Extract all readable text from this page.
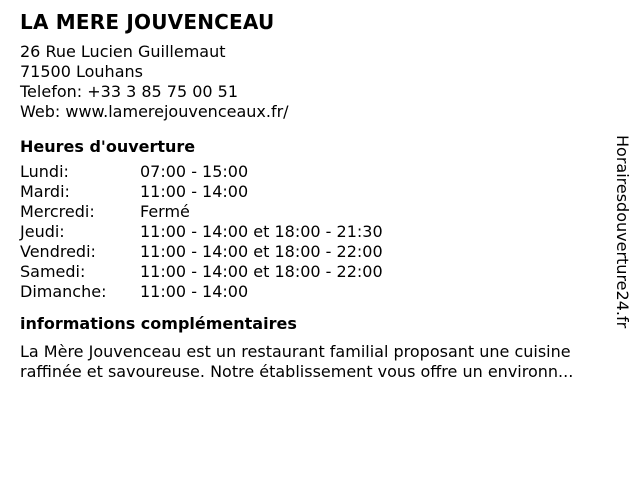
LA MERE JOUVENCEAU
26 Rue Lucien Guillemaut
71500 Louhans
Telefon: +33 3 85 75 00 51
Web: www.lamerejouvenceaux.fr/
Heures d'ouverture
Lundi:	07:00 - 15:00
Mardi:	11:00 - 14:00
Mercredi:	Fermé
Jeudi:	11:00 - 14:00 et 18:00 - 21:30
Vendredi:	11:00 - 14:00 et 18:00 - 22:00
Samedi:	11:00 - 14:00 et 18:00 - 22:00
Dimanche:	11:00 - 14:00
informations complémentaires
La Mère Jouvenceau est un restaurant familial proposant une cuisine
raffinée et savoureuse. Notre établissement vous offre un environn...
Horairesdouverture24.fr
